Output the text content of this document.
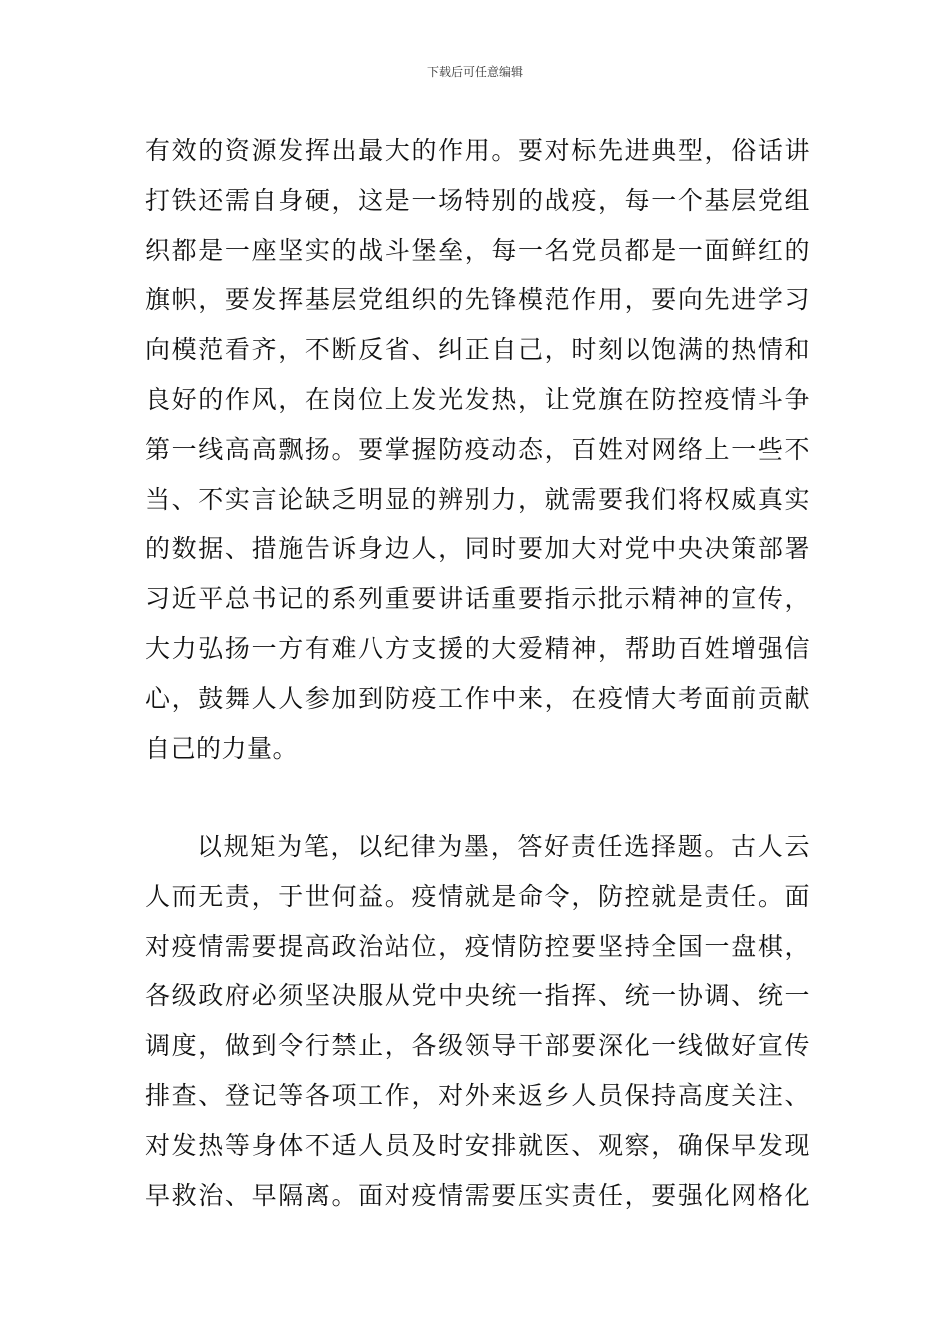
下载后可任意编辑
有效的资源发挥出最大的作用。要对标先进典型，俗话讲
打铁还需自身硬，这是一场特别的战疫，每一个基层党组
织都是一座坚实的战斗堡垒，每一名党员都是一面鲜红的
旗帜，要发挥基层党组织的先锋模范作用，要向先进学习
向模范看齐，不断反省、纠正自己，时刻以饱满的热情和
良好的作风，在岗位上发光发热，让党旗在防控疫情斗争
第一线高高飘扬。要掌握防疫动态，百姓对网络上一些不
当、不实言论缺乏明显的辨别力，就需要我们将权威真实
的数据、措施告诉身边人，同时要加大对党中央决策部署
习近平总书记的系列重要讲话重要指示批示精神的宣传，
大力弘扬一方有难八方支援的大爱精神，帮助百姓增强信
心，鼓舞人人参加到防疫工作中来，在疫情大考面前贡献
自己的力量。
以规矩为笔，以纪律为墨，答好责任选择题。古人云
人而无责，于世何益。疫情就是命令，防控就是责任。面
对疫情需要提高政治站位，疫情防控要坚持全国一盘棋，
各级政府必须坚决服从党中央统一指挥、统一协调、统一
调度，做到令行禁止，各级领导干部要深化一线做好宣传
排查、登记等各项工作，对外来返乡人员保持高度关注、
对发热等身体不适人员及时安排就医、观察，确保早发现
早救治、早隔离。面对疫情需要压实责任，要强化网格化
